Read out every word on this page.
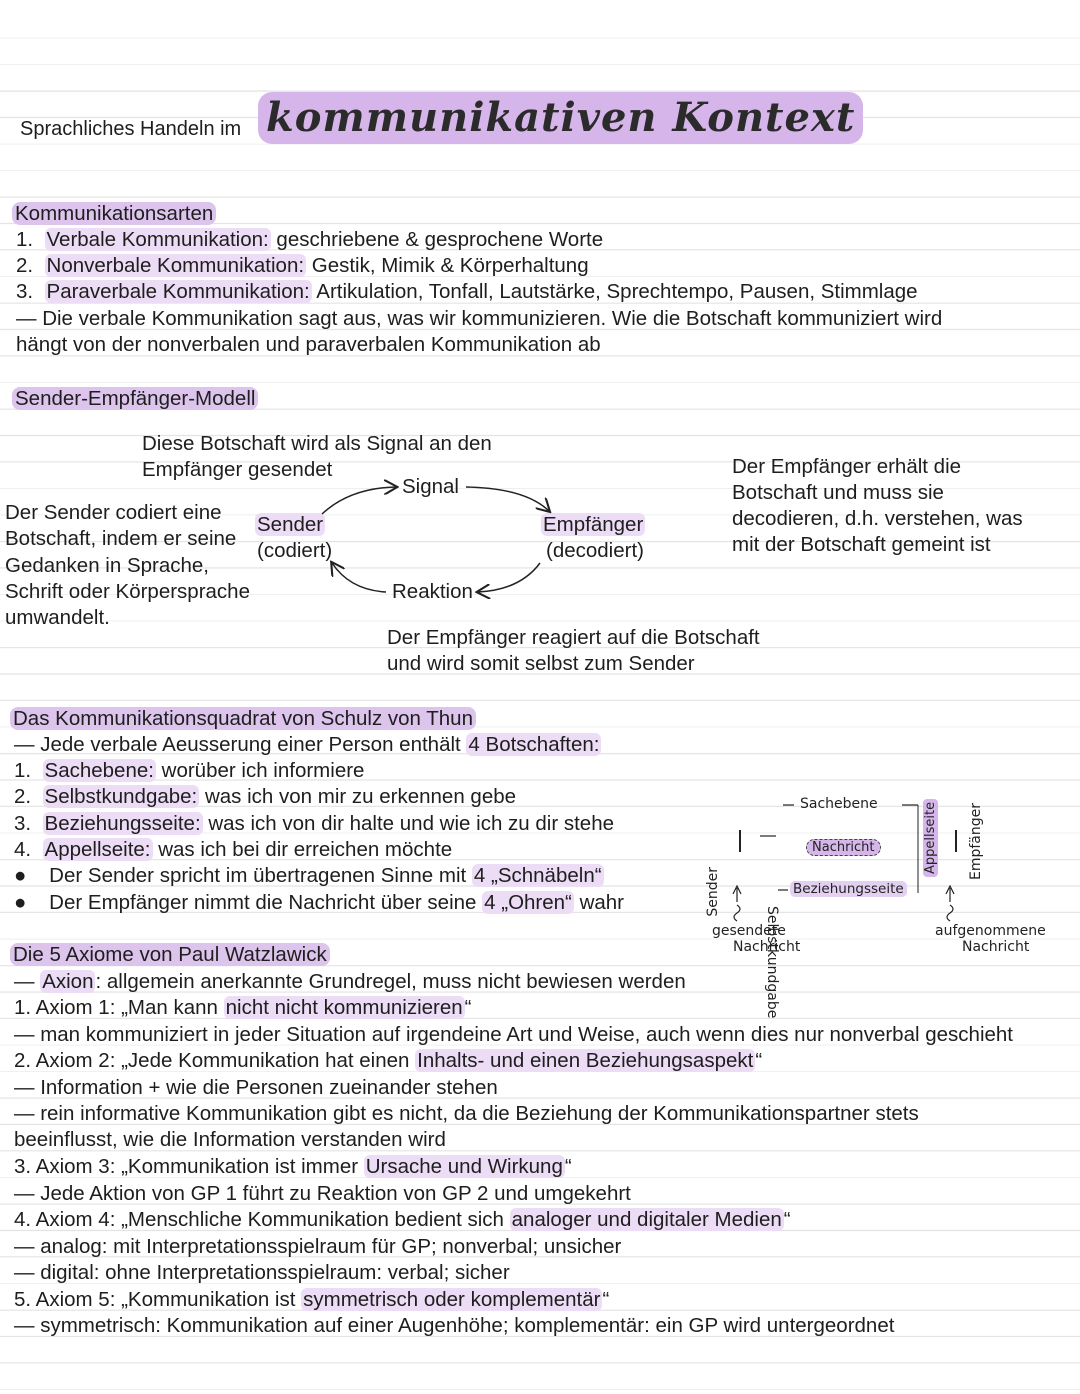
Sprachliches Handeln im kommunikativen Kontext
Kommunikationsarten
1. Verbale Kommunikation: geschriebene & gesprochene Worte
2. Nonverbale Kommunikation: Gestik, Mimik & Körperhaltung
3. Paraverbale Kommunikation: Artikulation, Tonfall, Lautstärke, Sprechtempo, Pausen, Stimmlage
— Die verbale Kommunikation sagt aus, was wir kommunizieren. Wie die Botschaft kommuniziert wird
hängt von der nonverbalen und paraverbalen Kommunikation ab
Sender-Empfänger-Modell
Diese Botschaft wird als Signal an den
Empfänger gesendet
Der Sender codiert eine
Botschaft, indem er seine
Gedanken in Sprache,
Schrift oder Körpersprache
umwandelt.
Sender
(codiert)
Signal
Empfänger
(decodiert)
Reaktion
Der Empfänger erhält die
Botschaft und muss sie
decodieren, d.h. verstehen, was
mit der Botschaft gemeint ist
Der Empfänger reagiert auf die Botschaft
und wird somit selbst zum Sender
Das Kommunikationsquadrat von Schulz von Thun
— Jede verbale Aeusserung einer Person enthält 4 Botschaften:
1. Sachebene: worüber ich informiere
2. Selbstkundgabe: was ich von mir zu erkennen gebe
3. Beziehungsseite: was ich von dir halte und wie ich zu dir stehe
4. Appellseite: was ich bei dir erreichen möchte
●    Der Sender spricht im übertragenen Sinne mit 4 „Schnäbeln“
●    Der Empfänger nimmt die Nachricht über seine 4 „Ohren“ wahr	Sender
Selbstkundgabe
Sachebene
Nachricht
Beziehungsseite
Appellseite Empfänger
gesendete
Nachricht
aufgenommene
Nachricht
Die 5 Axiome von Paul Watzlawick
— Axion: allgemein anerkannte Grundregel, muss nicht bewiesen werden
1. Axiom 1: „Man kann nicht nicht kommunizieren“
— man kommuniziert in jeder Situation auf irgendeine Art und Weise, auch wenn dies nur nonverbal geschieht
2. Axiom 2: „Jede Kommunikation hat einen Inhalts- und einen Beziehungsaspekt“
— Information + wie die Personen zueinander stehen
— rein informative Kommunikation gibt es nicht, da die Beziehung der Kommunikationspartner stets
beeinflusst, wie die Information verstanden wird
3. Axiom 3: „Kommunikation ist immer Ursache und Wirkung“
— Jede Aktion von GP 1 führt zu Reaktion von GP 2 und umgekehrt
4. Axiom 4: „Menschliche Kommunikation bedient sich analoger und digitaler Medien“
— analog: mit Interpretationsspielraum für GP; nonverbal; unsicher
— digital: ohne Interpretationsspielraum: verbal; sicher
5. Axiom 5: „Kommunikation ist symmetrisch oder komplementär“
— symmetrisch: Kommunikation auf einer Augenhöhe; komplementär: ein GP wird untergeordnet
